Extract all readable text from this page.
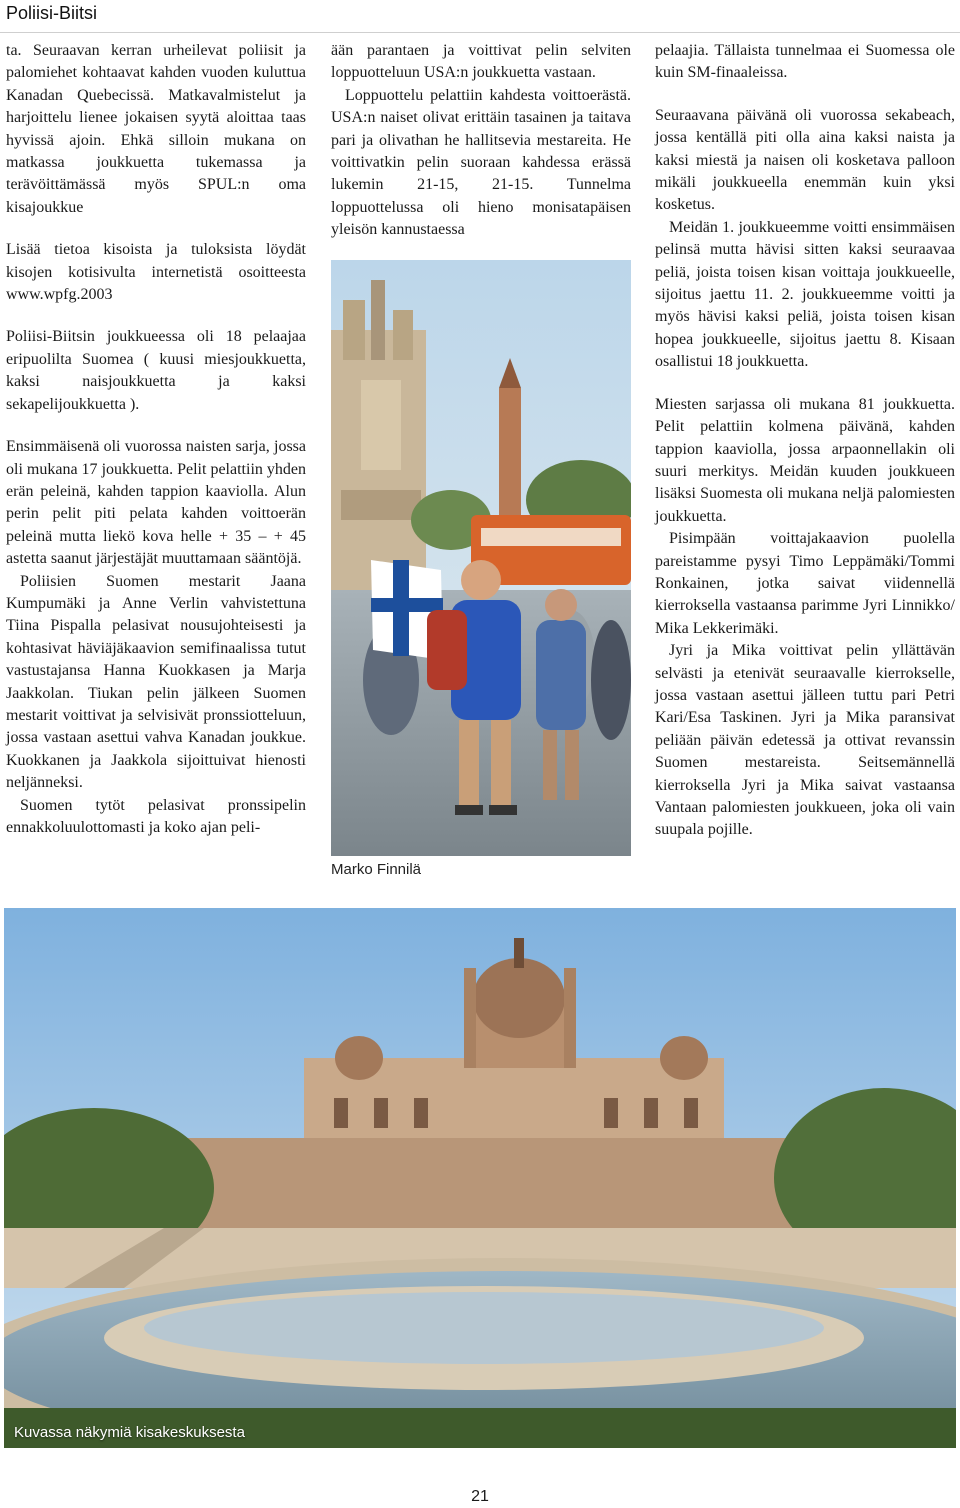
Poliisi-Biitsi

ta. Seuraavan kerran urheilevat poliisit ja palomiehet kohtaavat kahden vuoden kuluttua Kanadan Quebecissä. Matkavalmistelut ja harjoittelu lienee jokaisen syytä aloittaa taas hyvissä ajoin. Ehkä silloin mukana on matkassa joukkuetta tukemassa ja terävöittämässä myös SPUL:n oma kisajoukkue

Lisää tietoa kisoista ja tuloksista löydät kisojen kotisivulta internetistä osoitteesta www.wpfg.2003

Poliisi-Biitsin joukkueessa oli 18 pelaajaa eripuolilta Suomea ( kuusi miesjoukkuetta, kaksi naisjoukkuetta ja kaksi sekapelijoukkuetta ).

Ensimmäisenä oli vuorossa naisten sarja, jossa oli mukana 17 joukkuetta. Pelit pelattiin yhden erän peleinä, kahden tappion kaaviolla. Alun perin pelit piti pelata kahden voittoerän peleinä mutta liekö kova helle + 35 – + 45 astetta saanut järjestäjät muuttamaan sääntöjä.

Poliisien Suomen mestarit Jaana Kumpumäki ja Anne Verlin vahvistettuna Tiina Pispalla pelasivat nousujohteisesti ja kohtasivat häviäjäkaavion semifinaalissa tutut vastustajansa Hanna Kuokkasen ja Marja Jaakkolan. Tiukan pelin jälkeen Suomen mestarit voittivat ja selvisivät pronssiotteluun, jossa vastaan asettui vahva Kanadan joukkue. Kuokkanen ja Jaakkola sijoittuivat hienosti neljänneksi.

Suomen tytöt pelasivat pronssipelin ennakkoluulottomasti ja koko ajan peli-

ään parantaen ja voittivat pelin selviten loppuotteluun USA:n joukkuetta vastaan.

Loppuottelu pelattiin kahdesta voittoerästä. USA:n naiset olivat erittäin tasainen ja taitava pari ja olivathan he hallitsevia mestareita. He voittivatkin pelin suoraan kahdessa erässä lukemin 21-15, 21-15. Tunnelma loppuottelussa oli hieno monisatapäisen yleisön kannustaessa

Marko Finnilä

pelaajia. Tällaista tunnelmaa ei Suomessa ole kuin SM-finaaleissa.

Seuraavana päivänä oli vuorossa sekabeach, jossa kentällä piti olla aina kaksi naista ja kaksi miestä ja naisen oli kosketava palloon mikäli joukkueella enemmän kuin yksi kosketus.

Meidän 1. joukkueemme voitti ensimmäisen pelinsä mutta hävisi sitten kaksi seuraavaa peliä, joista toisen kisan voittaja joukkueelle, sijoitus jaettu 11. 2. joukkueemme voitti ja myös hävisi kaksi peliä, joista toisen kisan hopea joukkueelle, sijoitus jaettu 8. Kisaan osallistui 18 joukkuetta.

Miesten sarjassa oli mukana 81 joukkuetta. Pelit pelattiin kolmena päivänä, kahden tappion kaaviolla, jossa arpaonnellakin oli suuri merkitys. Meidän kuuden joukkueen lisäksi Suomesta oli mukana neljä palomiesten joukkuetta.

Pisimpään voittajakaavion puolella pareistamme pysyi Timo Leppämäki/Tommi Ronkainen, jotka saivat viidennellä kierroksella vastaansa parimme Jyri Linnikko/ Mika Lekkerimäki.

Jyri ja Mika voittivat pelin yllättävän selvästi ja etenivät seuraavalle kierrokselle, jossa vastaan asettui jälleen tuttu pari Petri Kari/Esa Taskinen. Jyri ja Mika paransivat peliään päivän edetessä ja ottivat revanssin Suomen mestareista. Seitsemännellä kierroksella Jyri ja Mika saivat vastaansa Vantaan palomiesten joukkueen, joka oli vain suupala pojille.

Kuvassa näkymiä kisakeskuksesta
21
